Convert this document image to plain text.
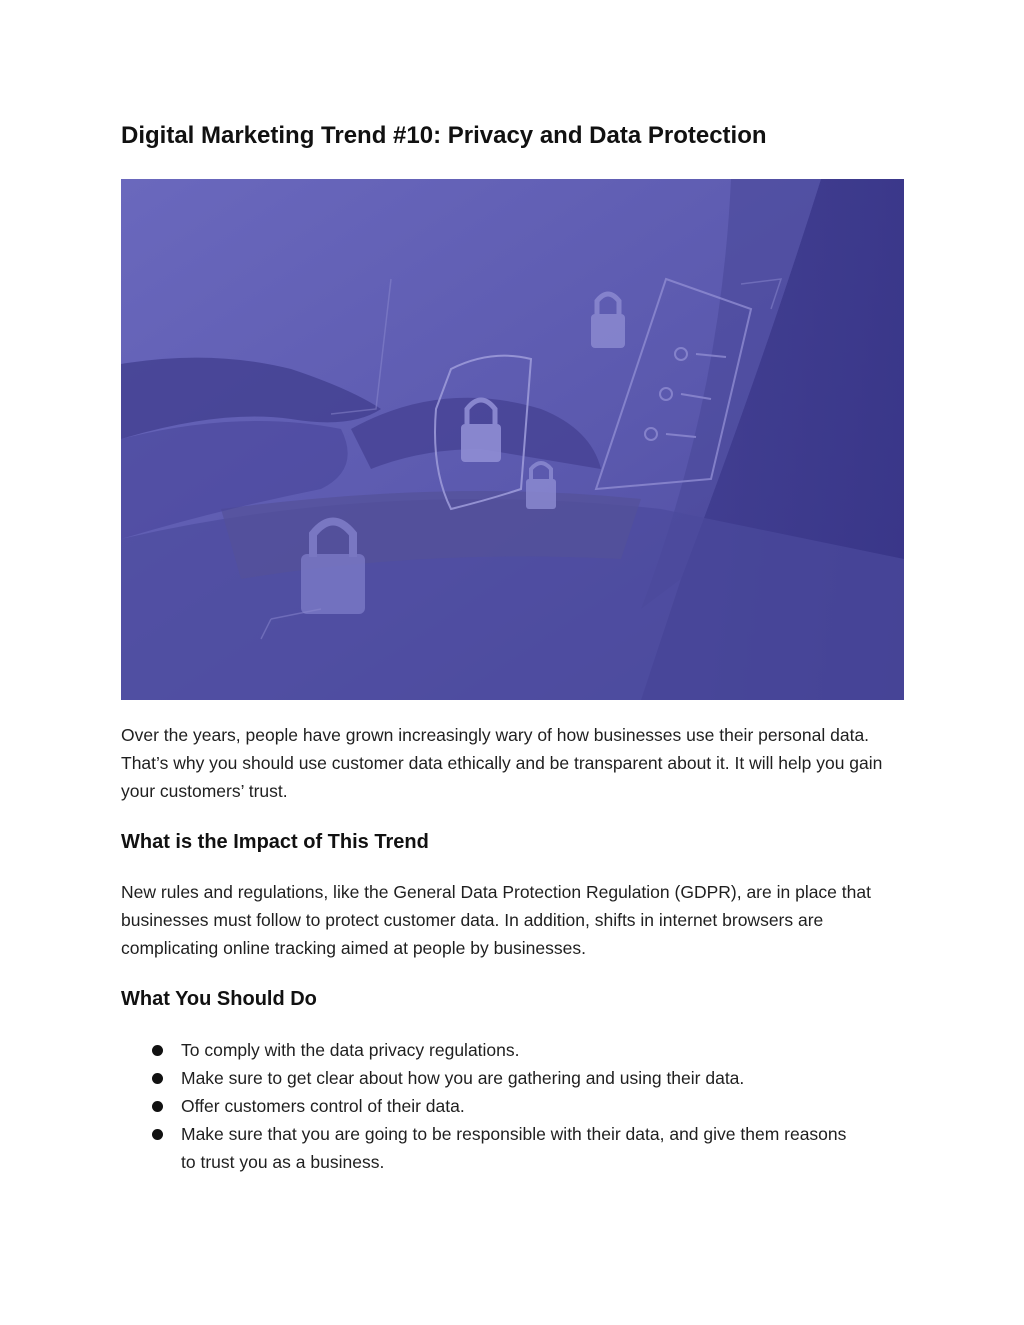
Digital Marketing Trend #10: Privacy and Data Protection

Over the years, people have grown increasingly wary of how businesses use their personal data. That’s why you should use customer data ethically and be transparent about it. It will help you gain your customers’ trust.

What is the Impact of This Trend

New rules and regulations, like the General Data Protection Regulation (GDPR), are in place that businesses must follow to protect customer data. In addition, shifts in internet browsers are complicating online tracking aimed at people by businesses.

What You Should Do
To comply with the data privacy regulations.
Make sure to get clear about how you are gathering and using their data.
Offer customers control of their data.
Make sure that you are going to be responsible with their data, and give them reasons to trust you as a business.
